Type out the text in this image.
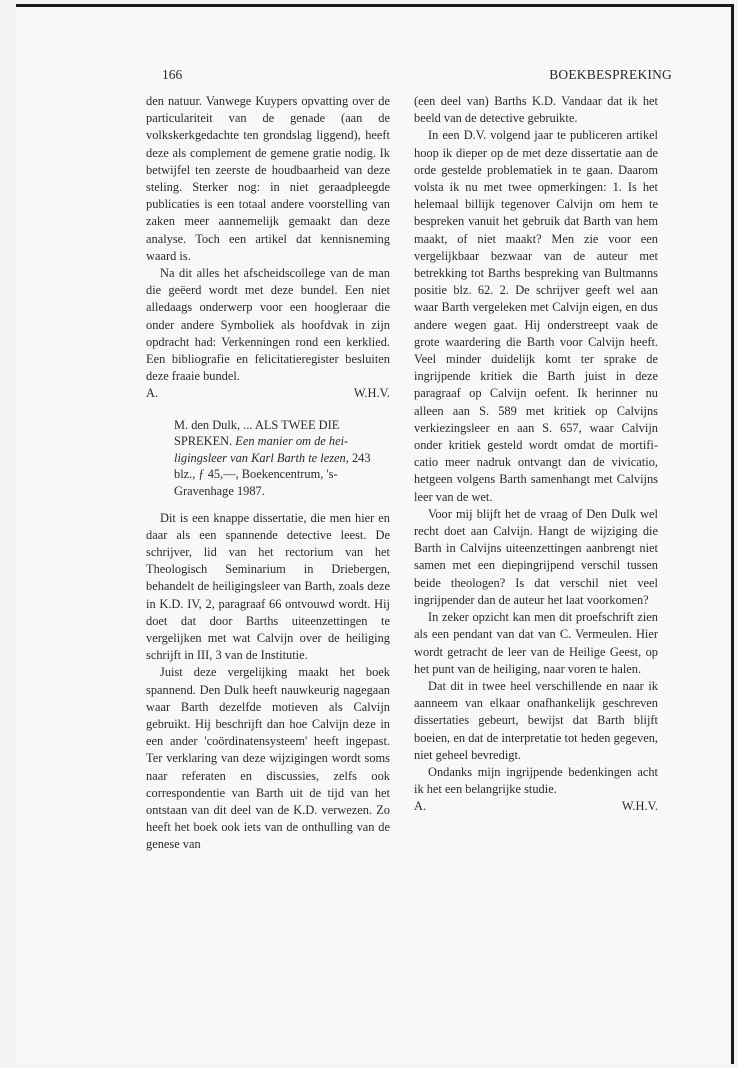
166	BOEKBESPREKING

den natuur. Vanwege Kuypers opvatting over de particulariteit van de genade (aan de volkskerkgedachte ten grondslag liggend), heeft deze als complement de gemene gratie nodig. Ik betwijfel ten zeerste de houdbaarheid van deze steling. Sterker nog: in niet geraadpleegde publicaties is een totaal andere voorstelling van zaken meer aannemelijk gemaakt dan deze analyse. Toch een artikel dat kennisneming waard is.

Na dit alles het afscheidscollege van de man die geëerd wordt met deze bundel. Een niet alledaags onderwerp voor een hoogleraar die onder andere Symboliek als hoofdvak in zijn opdracht had: Verkenningen rond een kerklied. Een bibliografie en felicitatieregister besluiten deze fraaie bundel.

A.	W.H.V.
M. den Dulk, ... ALS TWEE DIE SPREKEN. Een manier om de heiligingsleer van Karl Barth te lezen, 243 blz., ƒ 45,—, Boekencentrum, 's-Gravenhage 1987.

Dit is een knappe dissertatie, die men hier en daar als een spannende detective leest. De schrijver, lid van het rectorium van het Theologisch Seminarium in Driebergen, behandelt de heiligingsleer van Barth, zoals deze in K.D. IV, 2, paragraaf 66 ontvouwd wordt. Hij doet dat door Barths uiteenzettingen te vergelijken met wat Calvijn over de heiliging schrijft in III, 3 van de Institutie.

Juist deze vergelijking maakt het boek spannend. Den Dulk heeft nauwkeurig nagegaan waar Barth dezelfde motieven als Calvijn gebruikt. Hij beschrijft dan hoe Calvijn deze in een ander 'coördinatensysteem' heeft ingepast. Ter verklaring van deze wijzigingen wordt soms naar referaten en discussies, zelfs ook correspondentie van Barth uit de tijd van het ontstaan van dit deel van de K.D. verwezen. Zo heeft het boek ook iets van de onthulling van de genese van

(een deel van) Barths K.D. Vandaar dat ik het beeld van de detective gebruikte.

In een D.V. volgend jaar te publiceren artikel hoop ik dieper op de met deze dissertatie aan de orde gestelde problematiek in te gaan. Daarom volsta ik nu met twee opmerkingen: 1. Is het helemaal billijk tegenover Calvijn om hem te bespreken vanuit het gebruik dat Barth van hem maakt, of niet maakt? Men zie voor een vergelijkbaar bezwaar van de auteur met betrekking tot Barths bespreking van Bultmanns positie blz. 62. 2. De schrijver geeft wel aan waar Barth vergeleken met Calvijn eigen, en dus andere wegen gaat. Hij onderstreept vaak de grote waardering die Barth voor Calvijn heeft. Veel minder duidelijk komt ter sprake de ingrijpende kritiek die Barth juist in deze paragraaf op Calvijn oefent. Ik herinner nu alleen aan S. 589 met kritiek op Calvijns verkiezingsleer en aan S. 657, waar Calvijn onder kritiek gesteld wordt omdat de mortificatio meer nadruk ontvangt dan de vivicatio, hetgeen volgens Barth samenhangt met Calvijns leer van de wet.

Voor mij blijft het de vraag of Den Dulk wel recht doet aan Calvijn. Hangt de wijziging die Barth in Calvijns uiteenzettingen aanbrengt niet samen met een diepingrijpend verschil tussen beide theologen? Is dat verschil niet veel ingrijpender dan de auteur het laat voorkomen?

In zeker opzicht kan men dit proefschrift zien als een pendant van dat van C. Vermeulen. Hier wordt getracht de leer van de Heilige Geest, op het punt van de heiliging, naar voren te halen.

Dat dit in twee heel verschillende en naar ik aanneem van elkaar onafhankelijk geschreven dissertaties gebeurt, bewijst dat Barth blijft boeien, en dat de interpretatie tot heden gegeven, niet geheel bevredigt.

Ondanks mijn ingrijpende bedenkingen acht ik het een belangrijke studie.

A.	W.H.V.
